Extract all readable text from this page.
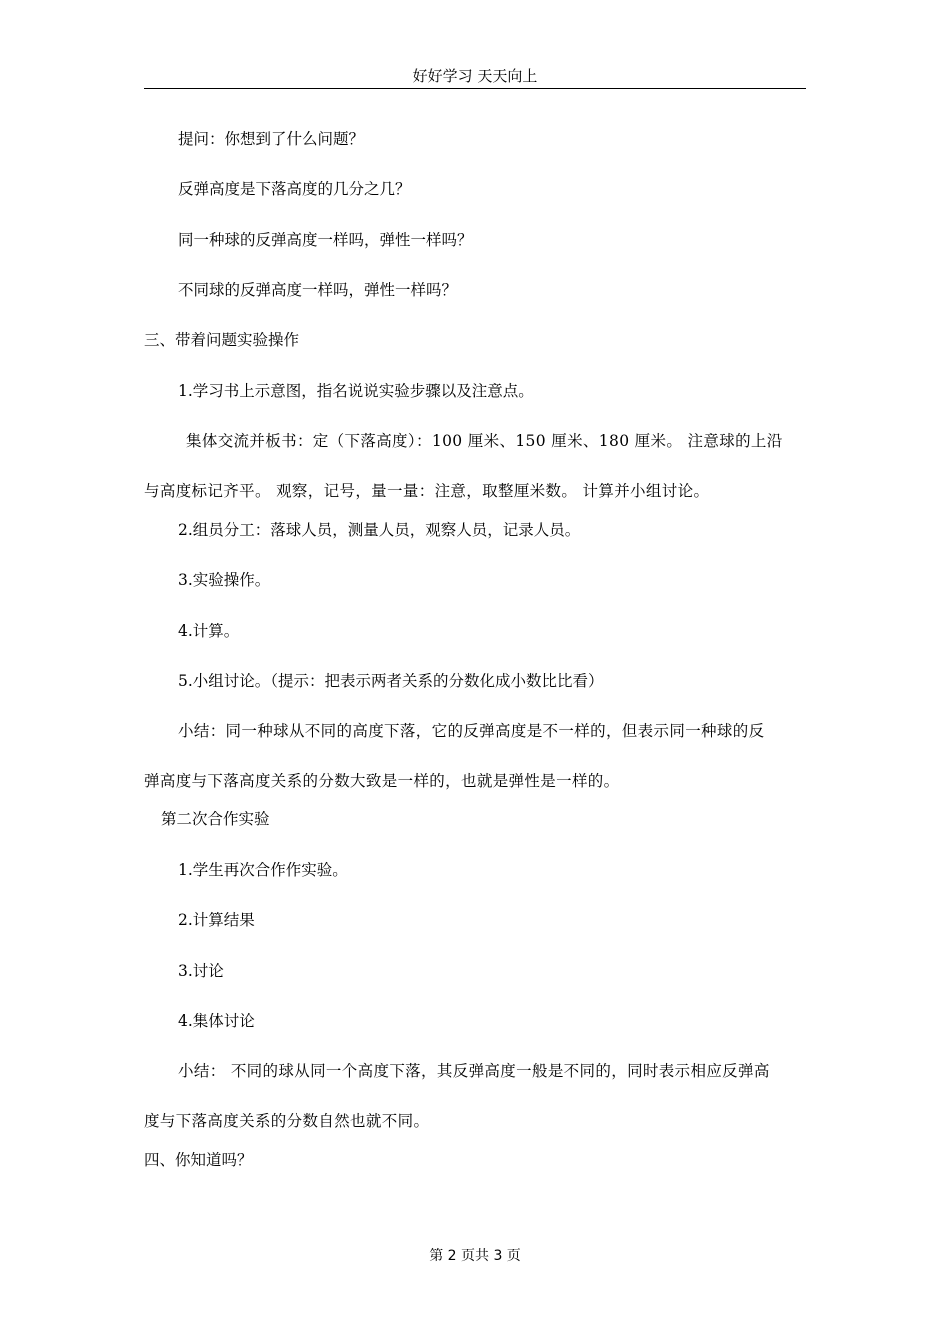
好好学习 天天向上
提问：你想到了什么问题？
反弹高度是下落高度的几分之几？
同一种球的反弹高度一样吗，弹性一样吗？
不同球的反弹高度一样吗，弹性一样吗？
三、带着问题实验操作
1.学习书上示意图，指名说说实验步骤以及注意点。
集体交流并板书：定（下落高度）：100 厘米、150 厘米、180 厘米。 注意球的上沿
与高度标记齐平。 观察，记号，量一量：注意，取整厘米数。 计算并小组讨论。
2.组员分工：落球人员，测量人员，观察人员，记录人员。
3.实验操作。
4.计算。
5.小组讨论。（提示：把表示两者关系的分数化成小数比比看）
小结：同一种球从不同的高度下落，它的反弹高度是不一样的，但表示同一种球的反
弹高度与下落高度关系的分数大致是一样的，也就是弹性是一样的。
第二次合作实验
1.学生再次合作作实验。
2.计算结果
3.讨论
4.集体讨论
小结： 不同的球从同一个高度下落，其反弹高度一般是不同的，同时表示相应反弹高
度与下落高度关系的分数自然也就不同。
四、你知道吗？
第 2 页共 3 页
